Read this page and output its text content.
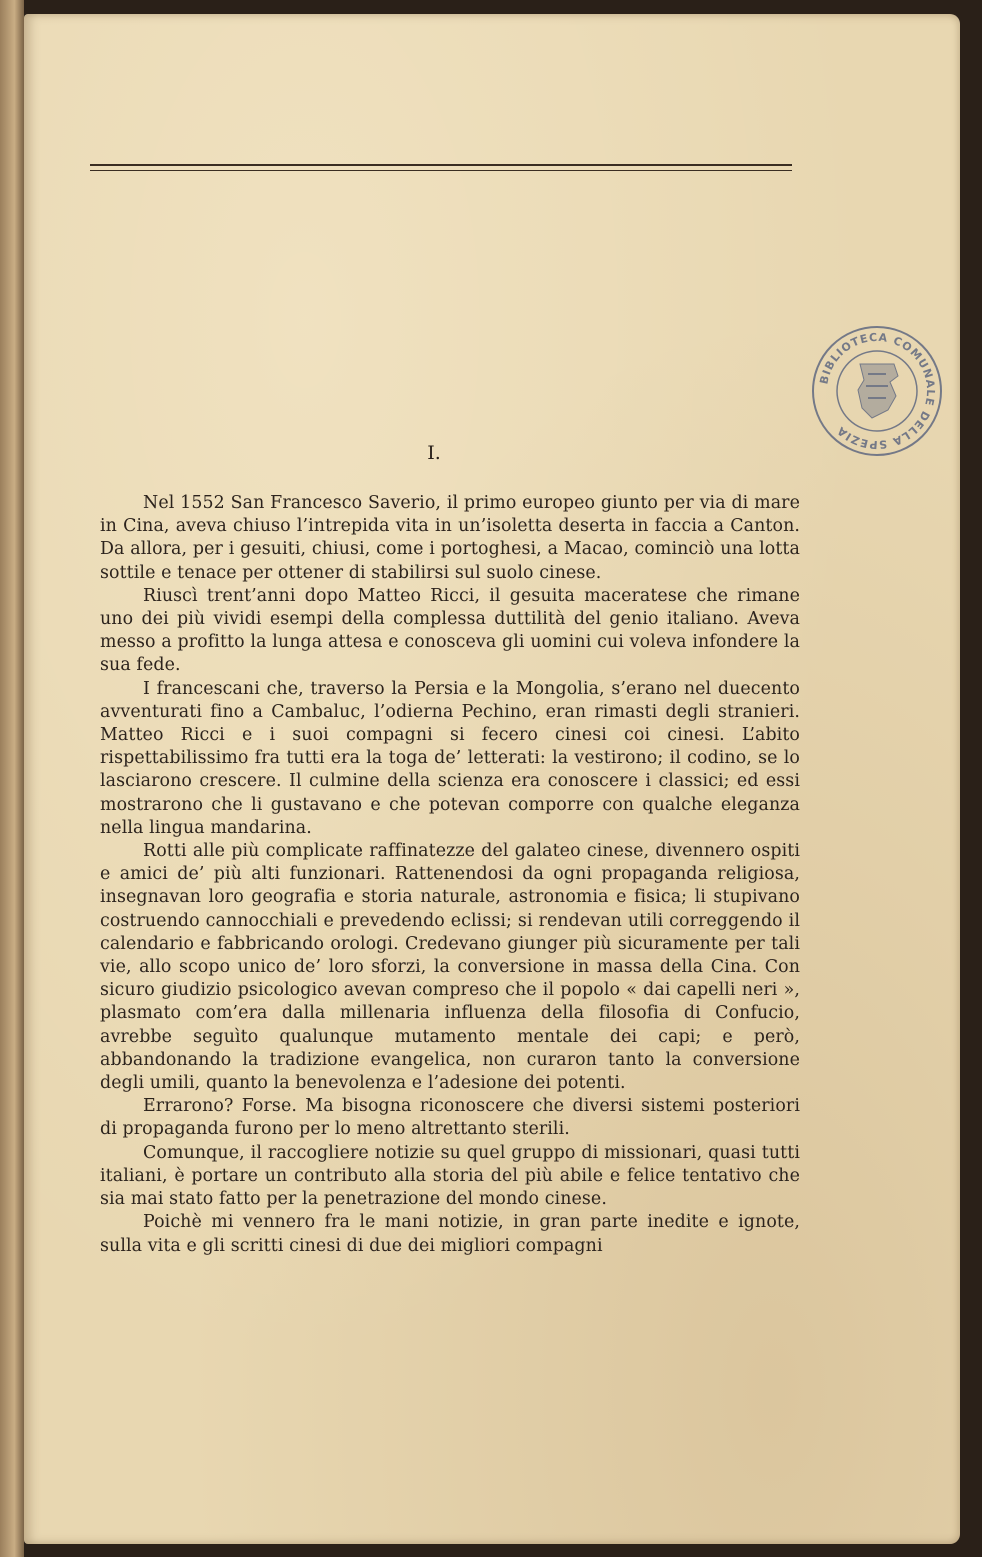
BIBLIOTECA COMUNALE DELLA SPEZIA
I.

Nel 1552 San Francesco Saverio, il primo europeo giunto per via di mare in Cina, aveva chiuso l’intrepida vita in un’isoletta deserta in faccia a Canton. Da allora, per i gesuiti, chiusi, come i portoghesi, a Macao, cominciò una lotta sottile e tenace per ottener di stabilirsi sul suolo cinese.

Riuscì trent’anni dopo Matteo Ricci, il gesuita maceratese che rimane uno dei più vividi esempi della complessa duttilità del genio italiano. Aveva messo a profitto la lunga attesa e conosceva gli uomini cui voleva infondere la sua fede.

I francescani che, traverso la Persia e la Mongolia, s’erano nel duecento avventurati fino a Cambaluc, l’odierna Pechino, eran rimasti degli stranieri. Matteo Ricci e i suoi compagni si fecero cinesi coi cinesi. L’abito rispettabilissimo fra tutti era la toga de’ letterati: la vestirono; il codino, se lo lasciarono crescere. Il culmine della scienza era conoscere i classici; ed essi mostrarono che li gustavano e che potevan comporre con qualche eleganza nella lingua mandarina.

Rotti alle più complicate raffinatezze del galateo cinese, divennero ospiti e amici de’ più alti funzionari. Rattenendosi da ogni propaganda religiosa, insegnavan loro geografia e storia naturale, astronomia e fisica; li stupivano costruendo cannocchiali e prevedendo eclissi; si rendevan utili correggendo il calendario e fabbricando orologi. Credevano giunger più sicuramente per tali vie, allo scopo unico de’ loro sforzi, la conversione in massa della Cina. Con sicuro giudizio psicologico avevan compreso che il popolo « dai capelli neri », plasmato com’era dalla millenaria influenza della filosofia di Confucio, avrebbe seguìto qualunque mutamento mentale dei capi; e però, abbandonando la tradizione evangelica, non curaron tanto la conversione degli umili, quanto la benevolenza e l’adesione dei potenti.

Errarono? Forse. Ma bisogna riconoscere che diversi sistemi posteriori di propaganda furono per lo meno altrettanto sterili.

Comunque, il raccogliere notizie su quel gruppo di missionari, quasi tutti italiani, è portare un contributo alla storia del più abile e felice tentativo che sia mai stato fatto per la penetrazione del mondo cinese.

Poichè mi vennero fra le mani notizie, in gran parte inedite e ignote, sulla vita e gli scritti cinesi di due dei migliori compagni
